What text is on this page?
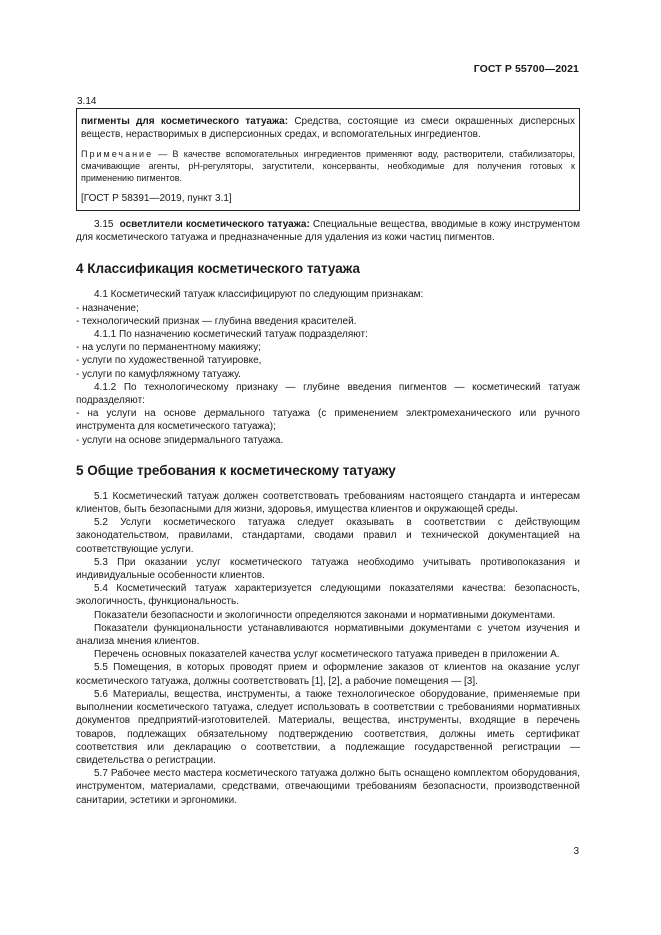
ГОСТ Р 55700—2021
3.14

пигменты для косметического татуажа: Средства, состоящие из смеси окрашенных дисперсных веществ, нерастворимых в дисперсионных средах, и вспомогательных ингредиентов.

Примечание — В качестве вспомогательных ингредиентов применяют воду, растворители, стабилизаторы, смачивающие агенты, pH-регуляторы, загустители, консерванты, необходимые для получения готовых к применению пигментов.

[ГОСТ Р 58391—2019, пункт 3.1]

3.15 осветлители косметического татуажа: Специальные вещества, вводимые в кожу инструментом для косметического татуажа и предназначенные для удаления из кожи частиц пигментов.

4 Классификация косметического татуажа

4.1 Косметический татуаж классифицируют по следующим признакам:

- назначение;

- технологический признак — глубина введения красителей.

4.1.1 По назначению косметический татуаж подразделяют:

- на услуги по перманентному макияжу;

- услуги по художественной татуировке,

- услуги по камуфляжному татуажу.

4.1.2 По технологическому признаку — глубине введения пигментов — косметический татуаж подразделяют:

- на услуги на основе дермального татуажа (с применением электромеханического или ручного инструмента для косметического татуажа);

- услуги на основе эпидермального татуажа.

5 Общие требования к косметическому татуажу

5.1 Косметический татуаж должен соответствовать требованиям настоящего стандарта и интересам клиентов, быть безопасными для жизни, здоровья, имущества клиентов и окружающей среды.

5.2 Услуги косметического татуажа следует оказывать в соответствии с действующим законодательством, правилами, стандартами, сводами правил и технической документацией на соответствующие услуги.

5.3 При оказании услуг косметического татуажа необходимо учитывать противопоказания и индивидуальные особенности клиентов.

5.4 Косметический татуаж характеризуется следующими показателями качества: безопасность, экологичность, функциональность.

Показатели безопасности и экологичности определяются законами и нормативными документами.

Показатели функциональности устанавливаются нормативными документами с учетом изучения и анализа мнения клиентов.

Перечень основных показателей качества услуг косметического татуажа приведен в приложении А.

5.5 Помещения, в которых проводят прием и оформление заказов от клиентов на оказание услуг косметического татуажа, должны соответствовать [1], [2], а рабочие помещения — [3].

5.6 Материалы, вещества, инструменты, а также технологическое оборудование, применяемые при выполнении косметического татуажа, следует использовать в соответствии с требованиями нормативных документов предприятий-изготовителей. Материалы, вещества, инструменты, входящие в перечень товаров, подлежащих обязательному подтверждению соответствия, должны иметь сертификат соответствия или декларацию о соответствии, а подлежащие государственной регистрации — свидетельства о регистрации.

5.7 Рабочее место мастера косметического татуажа должно быть оснащено комплектом оборудования, инструментом, материалами, средствами, отвечающими требованиям безопасности, производственной санитарии, эстетики и эргономики.

3
